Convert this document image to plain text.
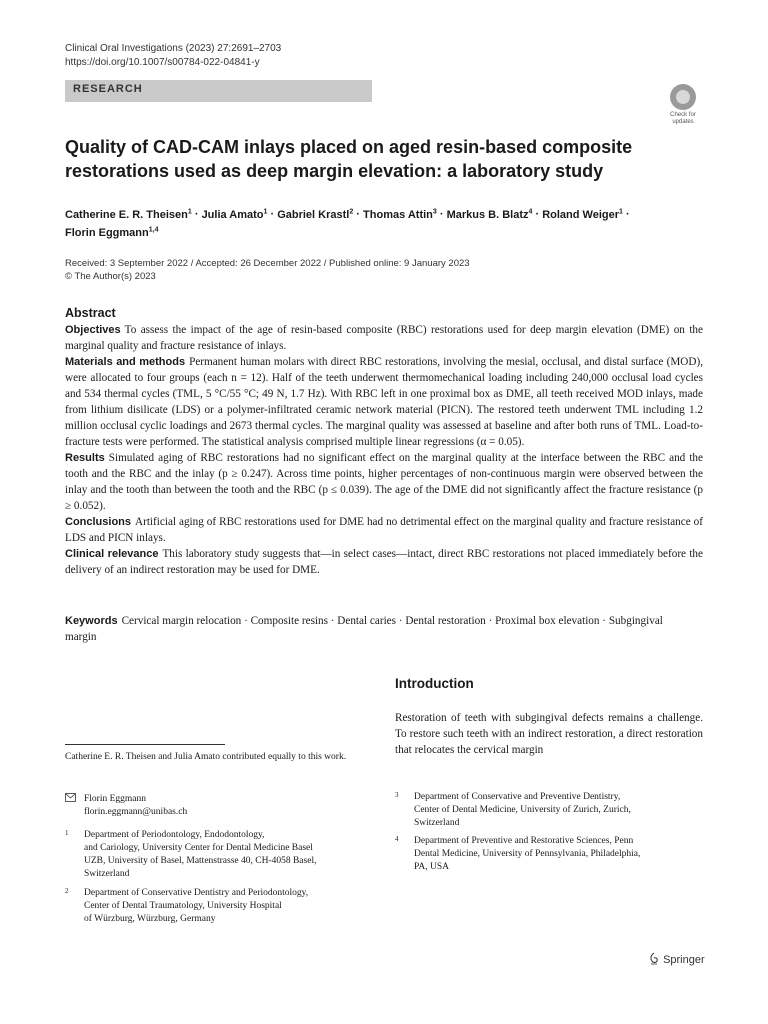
Clinical Oral Investigations (2023) 27:2691–2703
https://doi.org/10.1007/s00784-022-04841-y
RESEARCH
Check for
updates
Quality of CAD-CAM inlays placed on aged resin-based composite
restorations used as deep margin elevation: a laboratory study
Catherine E. R. Theisen$^1$ · Julia Amato$^1$ · Gabriel Krastl$^2$ · Thomas Attin$^3$ · Markus B. Blatz$^4$ · Roland Weiger$^1$ ·
Florin Eggmann$^{1,4}$
Received: 3 September 2022 / Accepted: 26 December 2022 / Published online: 9 January 2023
© The Author(s) 2023
Abstract

Objectives To assess the impact of the age of resin-based composite (RBC) restorations used for deep margin elevation (DME) on the marginal quality and fracture resistance of inlays.

Materials and methods Permanent human molars with direct RBC restorations, involving the mesial, occlusal, and distal surface (MOD), were allocated to four groups (each n = 12). Half of the teeth underwent thermomechanical loading including 240,000 occlusal load cycles and 534 thermal cycles (TML, 5 °C/55 °C; 49 N, 1.7 Hz). With RBC left in one proximal box as DME, all teeth received MOD inlays, made from lithium disilicate (LDS) or a polymer-infiltrated ceramic network material (PICN). The restored teeth underwent TML including 1.2 million occlusal cyclic loadings and 2673 thermal cycles. The marginal quality was assessed at baseline and after both runs of TML. Load-to-fracture tests were performed. The statistical analysis comprised multiple linear regressions (α = 0.05).

Results Simulated aging of RBC restorations had no significant effect on the marginal quality at the interface between the RBC and the tooth and the RBC and the inlay (p ≥ 0.247). Across time points, higher percentages of non-continuous margin were observed between the inlay and the tooth than between the tooth and the RBC (p ≤ 0.039). The age of the DME did not significantly affect the fracture resistance (p ≥ 0.052).

Conclusions Artificial aging of RBC restorations used for DME had no detrimental effect on the marginal quality and fracture resistance of LDS and PICN inlays.

Clinical relevance This laboratory study suggests that—in select cases—intact, direct RBC restorations not placed immediately before the delivery of an indirect restoration may be used for DME.

Keywords Cervical margin relocation · Composite resins · Dental caries · Dental restoration · Proximal box elevation · Subgingival margin
Introduction
Restoration of teeth with subgingival defects remains a challenge. To restore such teeth with an indirect restoration, a direct restoration that relocates the cervical margin
Catherine E. R. Theisen and Julia Amato contributed equally to this work.
Florin Eggmann
florin.eggmann@unibas.ch
1 Department of Periodontology, Endodontology,
and Cariology, University Center for Dental Medicine Basel
UZB, University of Basel, Mattenstrasse 40, CH-4058 Basel,
Switzerland
2 Department of Conservative Dentistry and Periodontology,
Center of Dental Traumatology, University Hospital
of Würzburg, Würzburg, Germany
3 Department of Conservative and Preventive Dentistry,
Center of Dental Medicine, University of Zurich, Zurich,
Switzerland
4 Department of Preventive and Restorative Sciences, Penn
Dental Medicine, University of Pennsylvania, Philadelphia,
PA, USA
Springer
